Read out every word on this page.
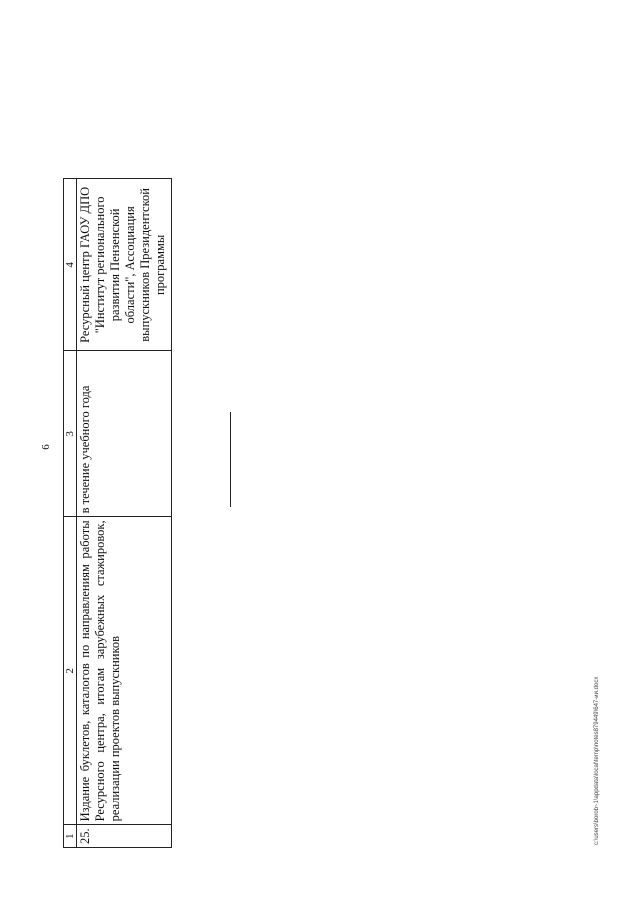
6
1	2	3	4
25.	Издание буклетов, каталогов по направлениям работы Ресурсного центра, итогам зарубежных стажировок, реализации проектов выпускников	в течение учебного года	Ресурсный центр ГАОУ ДПО "Институт регионального развития Пензенской области", Ассоциация выпускников Президентской программы
c:\users\borob~1\appdata\local\temp\notes879449\647-ии.docx
